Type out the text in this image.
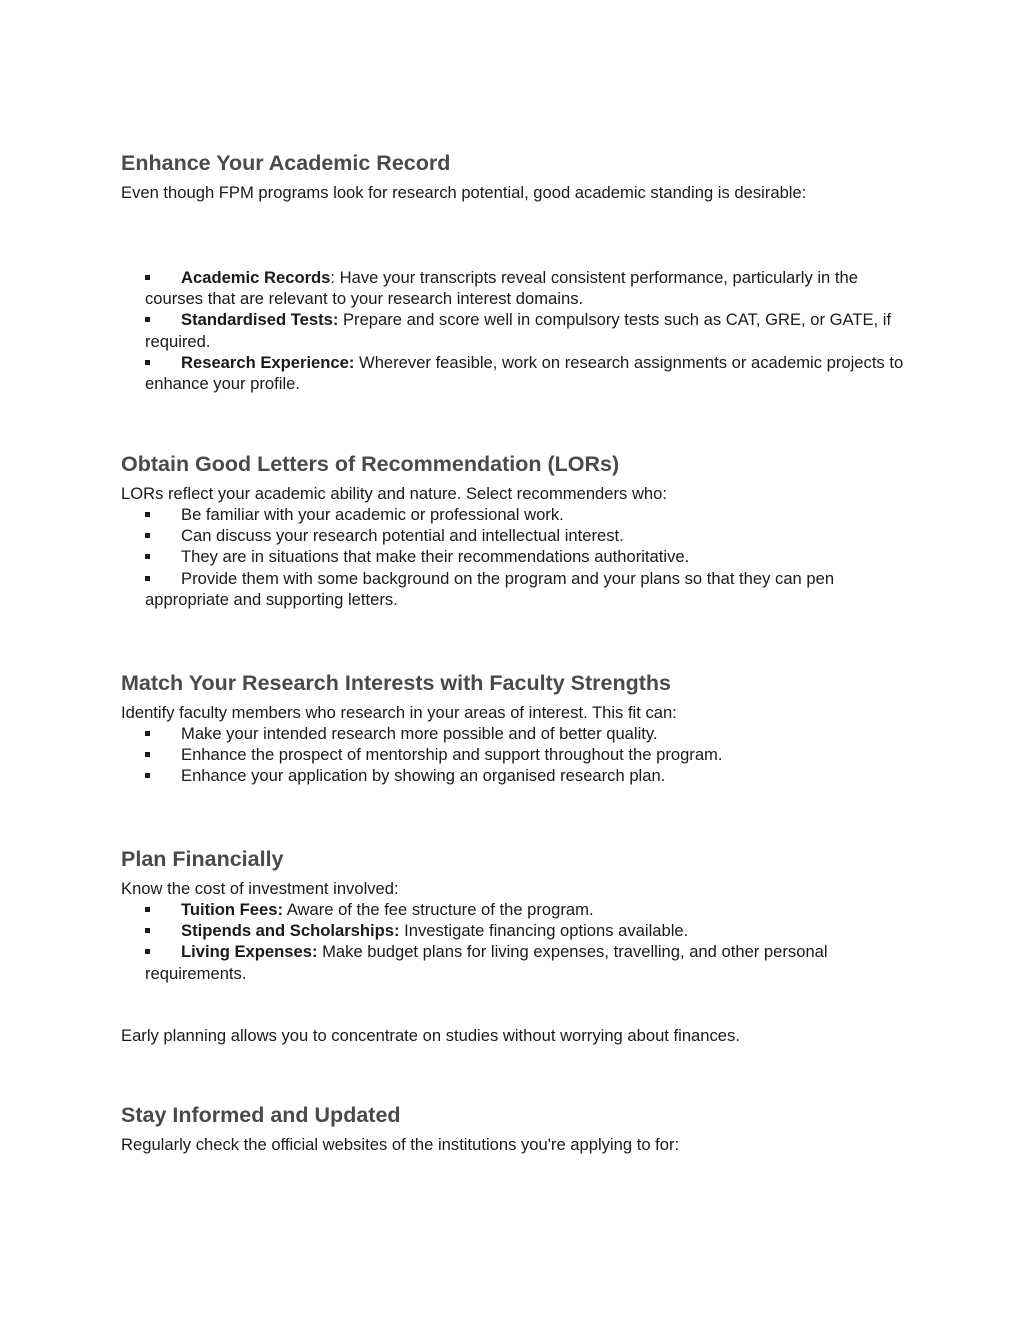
Enhance Your Academic Record

Even though FPM programs look for research potential, good academic standing is desirable:

Academic Records: Have your transcripts reveal consistent performance, particularly in the courses that are relevant to your research interest domains.
Standardised Tests: Prepare and score well in compulsory tests such as CAT, GRE, or GATE, if required.
Research Experience: Wherever feasible, work on research assignments or academic projects to enhance your profile.
Obtain Good Letters of Recommendation (LORs)

LORs reflect your academic ability and nature. Select recommenders who:

Be familiar with your academic or professional work.
Can discuss your research potential and intellectual interest.
They are in situations that make their recommendations authoritative.
Provide them with some background on the program and your plans so that they can pen appropriate and supporting letters.
Match Your Research Interests with Faculty Strengths

Identify faculty members who research in your areas of interest. This fit can:

Make your intended research more possible and of better quality.
Enhance the prospect of mentorship and support throughout the program.
Enhance your application by showing an organised research plan.
Plan Financially

Know the cost of investment involved:

Tuition Fees: Aware of the fee structure of the program.
Stipends and Scholarships: Investigate financing options available.
Living Expenses: Make budget plans for living expenses, travelling, and other personal requirements.

Early planning allows you to concentrate on studies without worrying about finances.

Stay Informed and Updated

Regularly check the official websites of the institutions you're applying to for:
